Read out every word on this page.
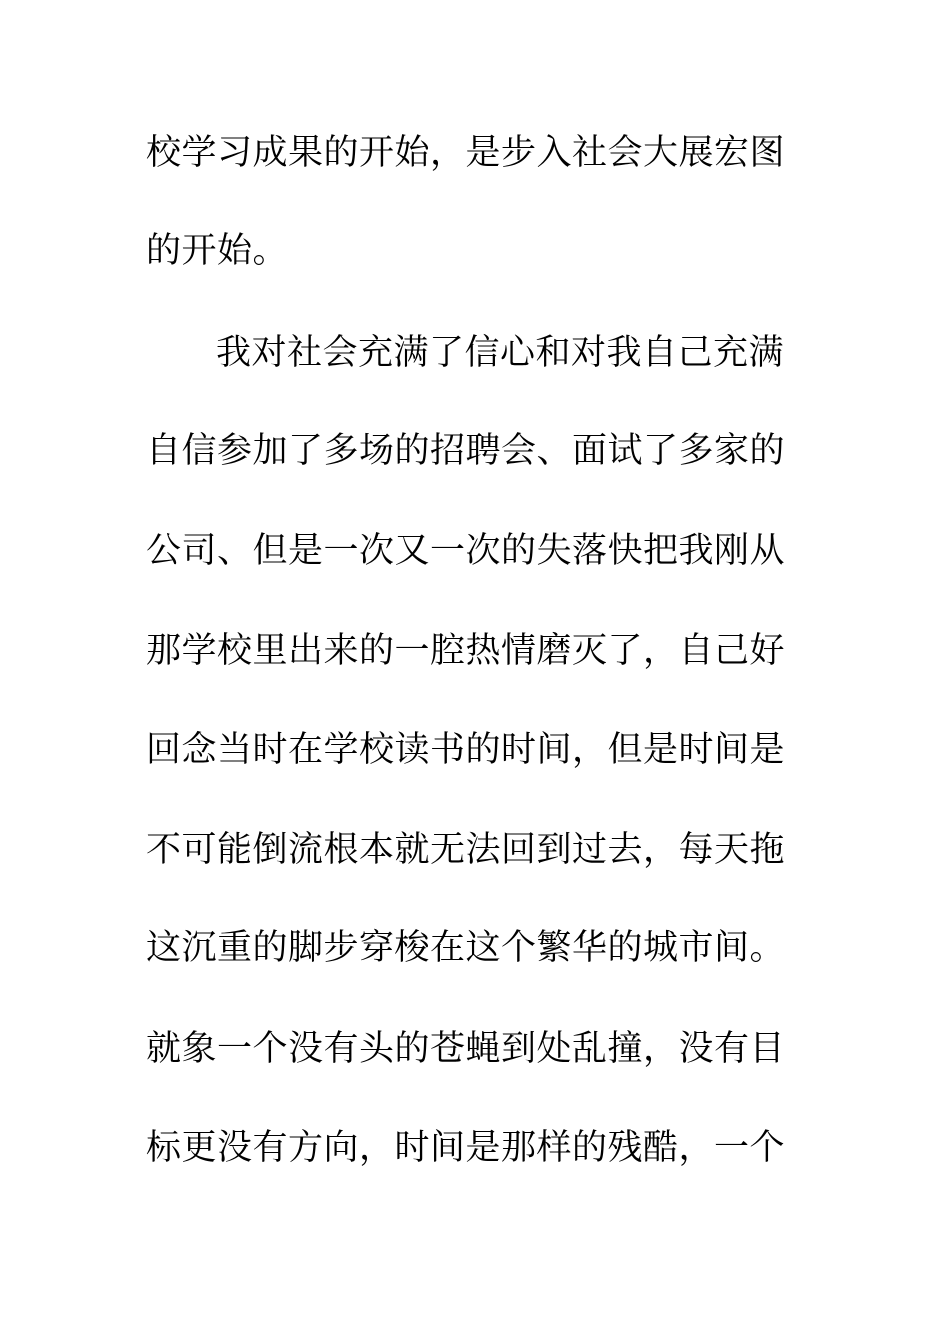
校学习成果的开始，是步入社会大展宏图
的开始。
我对社会充满了信心和对我自己充满
自信参加了多场的招聘会、面试了多家的
公司、但是一次又一次的失落快把我刚从
那学校里出来的一腔热情磨灭了，自己好
回念当时在学校读书的时间，但是时间是
不可能倒流根本就无法回到过去，每天拖
这沉重的脚步穿梭在这个繁华的城市间。
就象一个没有头的苍蝇到处乱撞，没有目
标更没有方向，时间是那样的残酷，一个
